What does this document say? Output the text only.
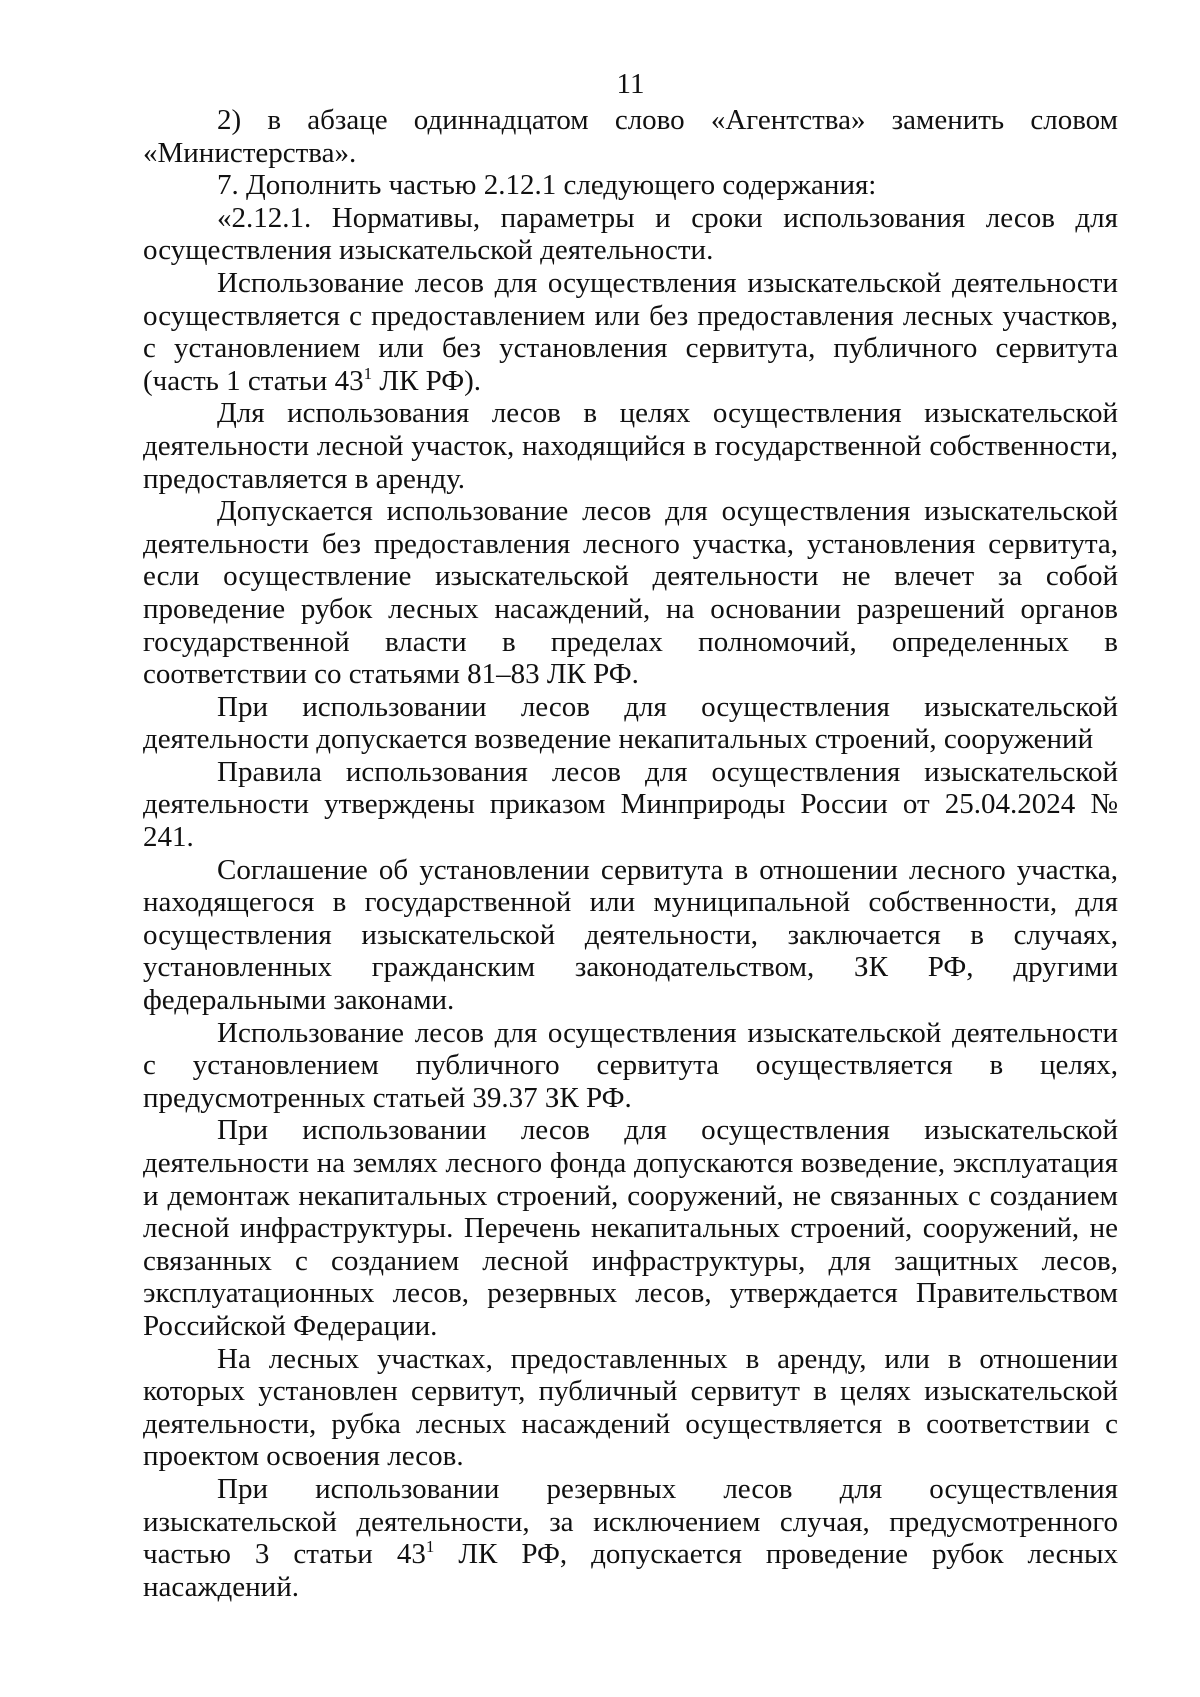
11

2) в абзаце одиннадцатом слово «Агентства» заменить словом «Министерства».

7. Дополнить частью 2.12.1 следующего содержания:

«2.12.1. Нормативы, параметры и сроки использования лесов для осуществления изыскательской деятельности.

Использование лесов для осуществления изыскательской деятельности осуществляется с предоставлением или без предоставления лесных участков, с установлением или без установления сервитута, публичного сервитута (часть 1 статьи $43^1$ ЛК РФ).

Для использования лесов в целях осуществления изыскательской деятельности лесной участок, находящийся в государственной собственности, предоставляется в аренду.

Допускается использование лесов для осуществления изыскательской деятельности без предоставления лесного участка, установления сервитута, если осуществление изыскательской деятельности не влечет за собой проведение рубок лесных насаждений, на основании разрешений органов государственной власти в пределах полномочий, определенных в соответствии со статьями 81–83 ЛК РФ.

При использовании лесов для осуществления изыскательской деятельности допускается возведение некапитальных строений, сооружений

Правила использования лесов для осуществления изыскательской деятельности утверждены приказом Минприроды России от 25.04.2024 № 241.

Соглашение об установлении сервитута в отношении лесного участка, находящегося в государственной или муниципальной собственности, для осуществления изыскательской деятельности, заключается в случаях, установленных гражданским законодательством, ЗК РФ, другими федеральными законами.

Использование лесов для осуществления изыскательской деятельности с установлением публичного сервитута осуществляется в целях, предусмотренных статьей 39.37 ЗК РФ.

При использовании лесов для осуществления изыскательской деятельности на землях лесного фонда допускаются возведение, эксплуатация и демонтаж некапитальных строений, сооружений, не связанных с созданием лесной инфраструктуры. Перечень некапитальных строений, сооружений, не связанных с созданием лесной инфраструктуры, для защитных лесов, эксплуатационных лесов, резервных лесов, утверждается Правительством Российской Федерации.

На лесных участках, предоставленных в аренду, или в отношении которых установлен сервитут, публичный сервитут в целях изыскательской деятельности, рубка лесных насаждений осуществляется в соответствии с проектом освоения лесов.

При использовании резервных лесов для осуществления изыскательской деятельности, за исключением случая, предусмотренного частью 3 статьи $43^1$ ЛК РФ, допускается проведение рубок лесных насаждений.
